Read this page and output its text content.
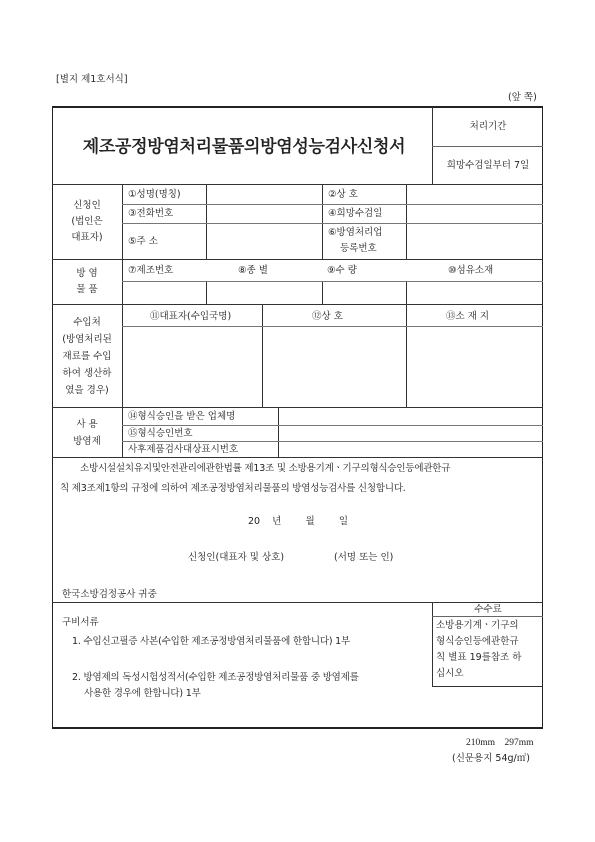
[별지 제1호서식]
(앞 쪽)
제조공정방염처리물품의방염성능검사신청서
처리기간
희망수검일부터 7일
신청인
(법인은
대표자)
①성명(명칭)	②상 호
③전화번호	④희망수검일
⑤주 소
⑥방염처리업
등록번호
방 염
물 품
⑦제조번호	⑧종 별	⑨수 량	⑩섬유소재
수입처
(방염처리된
재료를 수입
하여 생산하
였을 경우)
⑪대표자(수입국명)	⑫상 호	⑬소 재 지
사 용
방염제
⑭형식승인을 받은 업체명
⑮형식승인번호
사후제품검사대상표시번호
소방시설설치유지및안전관리에관한법률 제13조 및 소방용기계ㆍ기구의형식승인등에관한규
칙 제3조제1항의 규정에 의하여 제조공정방염처리물품의 방염성능검사를 신청합니다.
20    년        월        일
신청인(대표자 및 상호)	(서명 또는 인)
한국소방검정공사 귀중
구비서류
1. 수입신고필증 사본(수입한 제조공정방염처리물품에 한합니다) 1부
2. 방염제의 독성시험성적서(수입한 제조공정방염처리물품 중 방염제를
사용한 경우에 한합니다) 1부
수수료
소방용기계ㆍ기구의
형식승인등에관한규
칙 별표 19를참조 하
십시오
210mm    297mm
(신문용지 54g/㎡)
